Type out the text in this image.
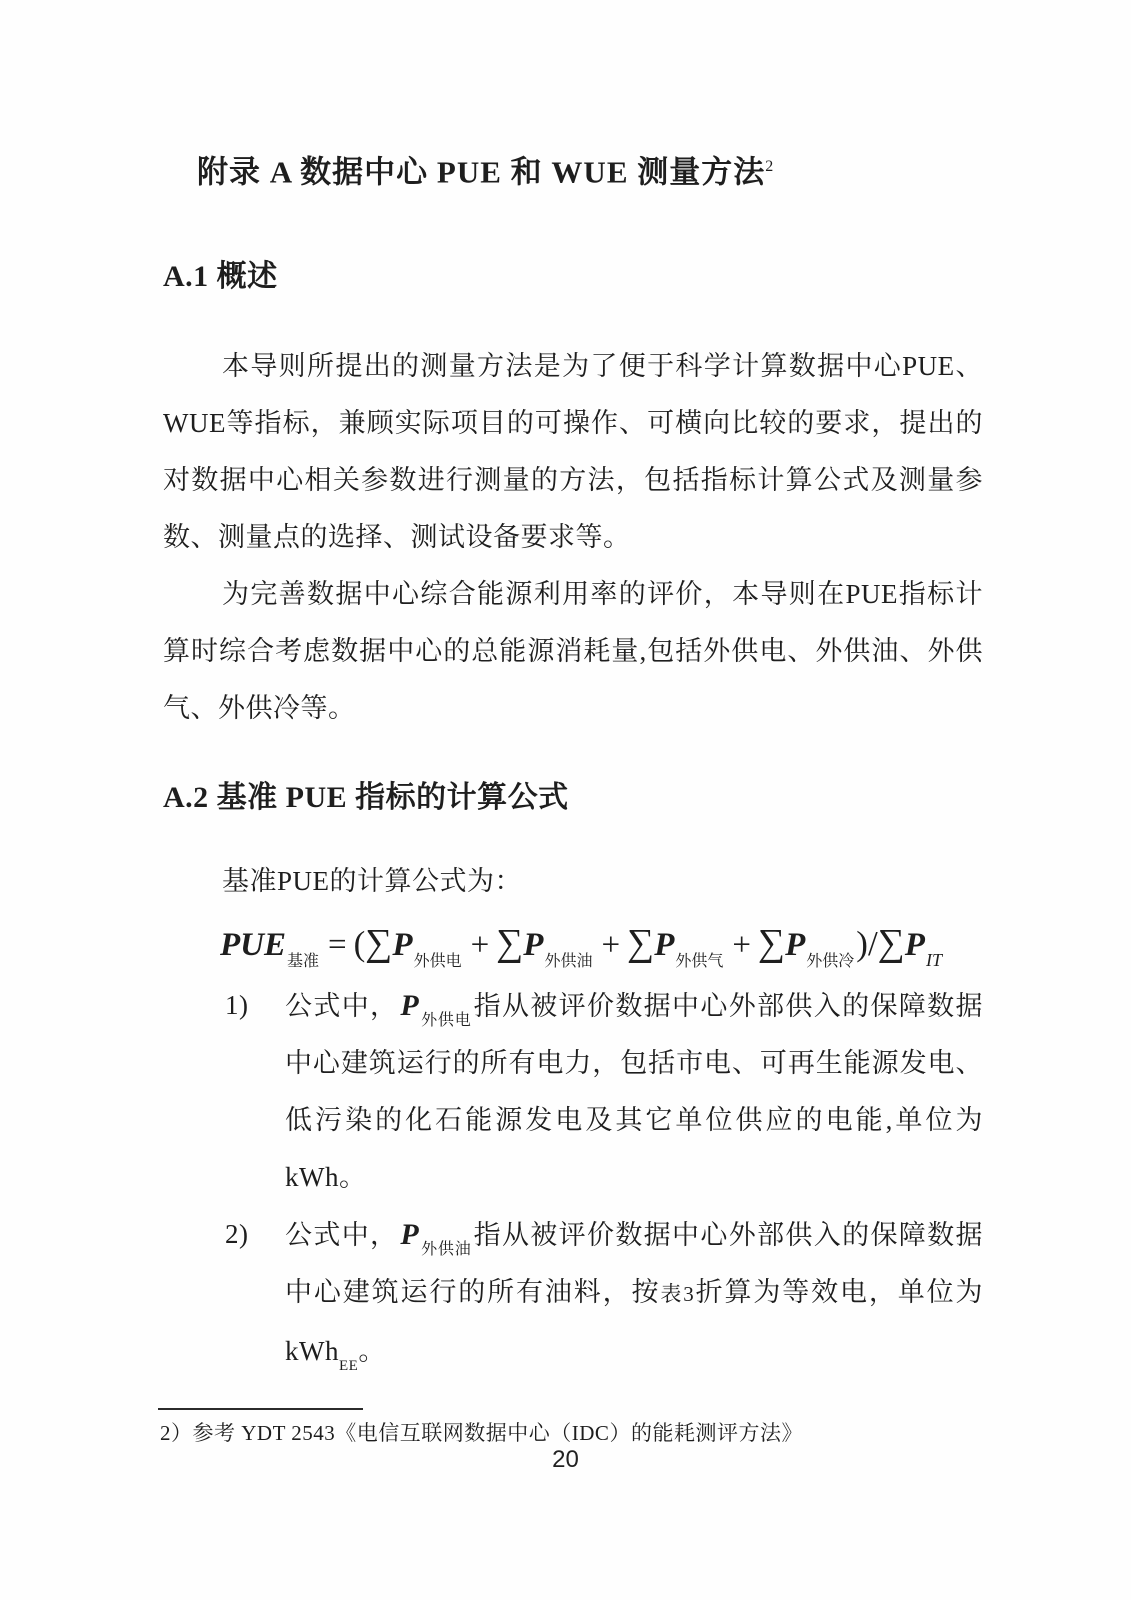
附录 A 数据中心 PUE 和 WUE 测量方法$^2$
A.1 概述

本导则所提出的测量方法是为了便于科学计算数据中心PUE、WUE等指标，兼顾实际项目的可操作、可横向比较的要求，提出的对数据中心相关参数进行测量的方法，包括指标计算公式及测量参数、测量点的选择、测试设备要求等。

为完善数据中心综合能源利用率的评价，本导则在PUE指标计算时综合考虑数据中心的总能源消耗量,包括外供电、外供油、外供气、外供冷等。

A.2 基准 PUE 指标的计算公式

基准PUE的计算公式为：

$PUE_{基准} = (\sum P_{外供电} + \sum P_{外供油} + \sum P_{外供气} + \sum P_{外供冷})/\sum P_{IT}$
1) 公式中，$P_{外供电}$指从被评价数据中心外部供入的保障数据中心建筑运行的所有电力，包括市电、可再生能源发电、低污染的化石能源发电及其它单位供应的电能,单位为kWh。
2) 公式中，$P_{外供油}$指从被评价数据中心外部供入的保障数据中心建筑运行的所有油料，按表3折算为等效电，单位为kWh$_{EE}$。

2）参考 YDT 2543《电信互联网数据中心（IDC）的能耗测评方法》

20
